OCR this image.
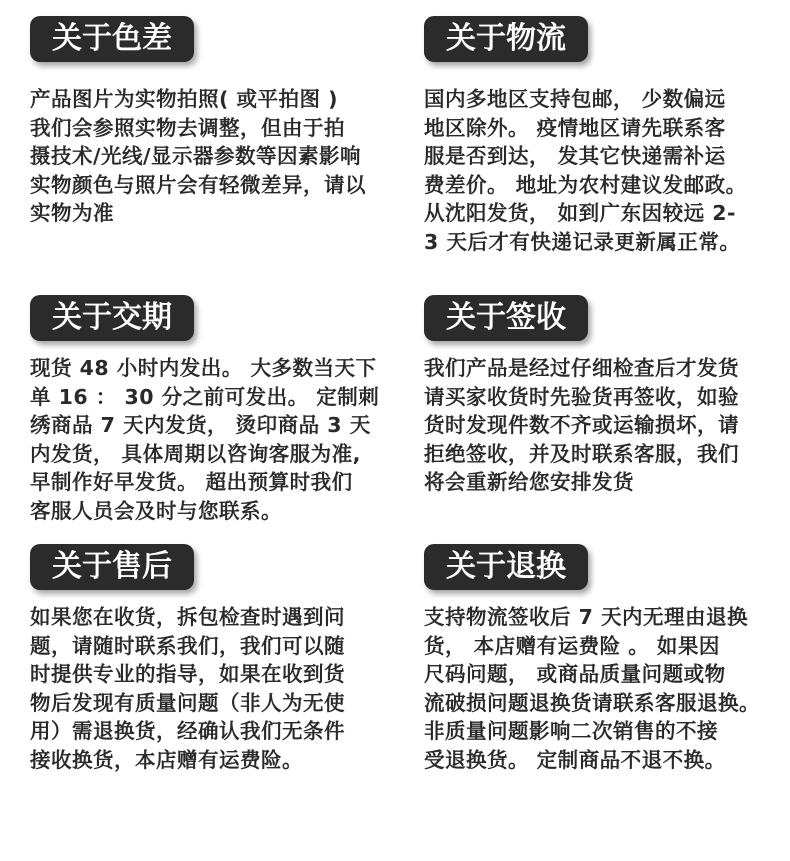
关于色差
产品图片为实物拍照( 或平拍图 )
我们会参照实物去调整，但由于拍
摄技术/光线/显示器参数等因素影响
实物颜色与照片会有轻微差异，请以
实物为准
关于物流
国内多地区支持包邮， 少数偏远
地区除外。 疫情地区请先联系客
服是否到达， 发其它快递需补运
费差价。 地址为农村建议发邮政。
从沈阳发货， 如到广东因较远 2-
3 天后才有快递记录更新属正常。
关于交期
现货 48 小时内发出。 大多数当天下
单 16 ： 30 分之前可发出。 定制刺
绣商品 7 天内发货， 烫印商品 3 天
内发货， 具体周期以咨询客服为准,
早制作好早发货。 超出预算时我们
客服人员会及时与您联系。
关于签收
我们产品是经过仔细检查后才发货
请买家收货时先验货再签收，如验
货时发现件数不齐或运输损坏，请
拒绝签收，并及时联系客服，我们
将会重新给您安排发货
关于售后
如果您在收货，拆包检查时遇到问
题，请随时联系我们，我们可以随
时提供专业的指导，如果在收到货
物后发现有质量问题（非人为无使
用）需退换货，经确认我们无条件
接收换货，本店赠有运费险。
关于退换
支持物流签收后 7 天内无理由退换
货， 本店赠有运费险 。 如果因
尺码问题， 或商品质量问题或物
流破损问题退换货请联系客服退换。
非质量问题影响二次销售的不接
受退换货。 定制商品不退不换。
